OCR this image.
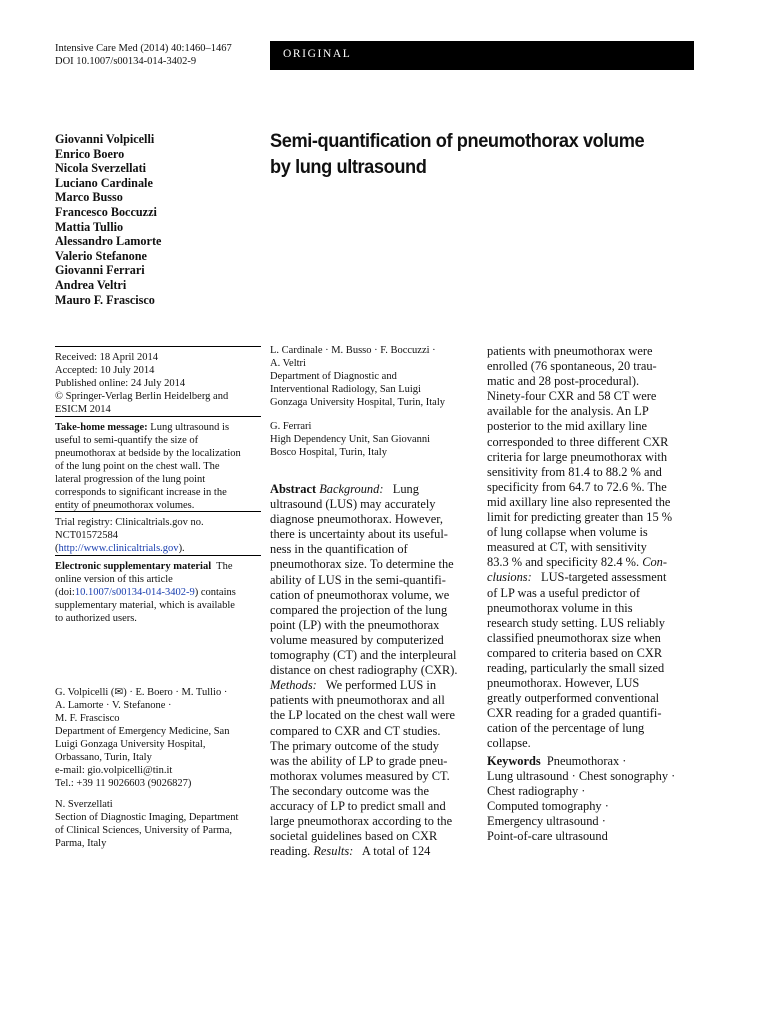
Intensive Care Med (2014) 40:1460–1467
DOI 10.1007/s00134-014-3402-9
ORIGINAL
Giovanni Volpicelli
Enrico Boero
Nicola Sverzellati
Luciano Cardinale
Marco Busso
Francesco Boccuzzi
Mattia Tullio
Alessandro Lamorte
Valerio Stefanone
Giovanni Ferrari
Andrea Veltri
Mauro F. Frascisco
Semi-quantification of pneumothorax volume
by lung ultrasound
Received: 18 April 2014
Accepted: 10 July 2014
Published online: 24 July 2014
© Springer-Verlag Berlin Heidelberg and
ESICM 2014
Take-home message: Lung ultrasound is
useful to semi-quantify the size of
pneumothorax at bedside by the localization
of the lung point on the chest wall. The
lateral progression of the lung point
corresponds to significant increase in the
entity of pneumothorax volumes.
Trial registry: Clinicaltrials.gov no.
NCT01572584
(http://www.clinicaltrials.gov).
Electronic supplementary material  The
online version of this article
(doi:10.1007/s00134-014-3402-9) contains
supplementary material, which is available
to authorized users.
G. Volpicelli (✉) · E. Boero · M. Tullio ·
A. Lamorte · V. Stefanone ·
M. F. Frascisco
Department of Emergency Medicine, San
Luigi Gonzaga University Hospital,
Orbassano, Turin, Italy
e-mail: gio.volpicelli@tin.it
Tel.: +39 11 9026603 (9026827)
N. Sverzellati
Section of Diagnostic Imaging, Department
of Clinical Sciences, University of Parma,
Parma, Italy
L. Cardinale · M. Busso · F. Boccuzzi ·
A. Veltri
Department of Diagnostic and
Interventional Radiology, San Luigi
Gonzaga University Hospital, Turin, Italy
G. Ferrari
High Dependency Unit, San Giovanni
Bosco Hospital, Turin, Italy
Abstract Background:   Lung
ultrasound (LUS) may accurately
diagnose pneumothorax. However,
there is uncertainty about its useful-
ness in the quantification of
pneumothorax size. To determine the
ability of LUS in the semi-quantifi-
cation of pneumothorax volume, we
compared the projection of the lung
point (LP) with the pneumothorax
volume measured by computerized
tomography (CT) and the interpleural
distance on chest radiography (CXR).
Methods:   We performed LUS in
patients with pneumothorax and all
the LP located on the chest wall were
compared to CXR and CT studies.
The primary outcome of the study
was the ability of LP to grade pneu-
mothorax volumes measured by CT.
The secondary outcome was the
accuracy of LP to predict small and
large pneumothorax according to the
societal guidelines based on CXR
reading. Results:   A total of 124
patients with pneumothorax were
enrolled (76 spontaneous, 20 trau-
matic and 28 post-procedural).
Ninety-four CXR and 58 CT were
available for the analysis. An LP
posterior to the mid axillary line
corresponded to three different CXR
criteria for large pneumothorax with
sensitivity from 81.4 to 88.2 % and
specificity from 64.7 to 72.6 %. The
mid axillary line also represented the
limit for predicting greater than 15 %
of lung collapse when volume is
measured at CT, with sensitivity
83.3 % and specificity 82.4 %. Con-
clusions:   LUS-targeted assessment
of LP was a useful predictor of
pneumothorax volume in this
research study setting. LUS reliably
classified pneumothorax size when
compared to criteria based on CXR
reading, particularly the small sized
pneumothorax. However, LUS
greatly outperformed conventional
CXR reading for a graded quantifi-
cation of the percentage of lung
collapse.
Keywords  Pneumothorax ·
Lung ultrasound · Chest sonography ·
Chest radiography ·
Computed tomography ·
Emergency ultrasound ·
Point-of-care ultrasound
